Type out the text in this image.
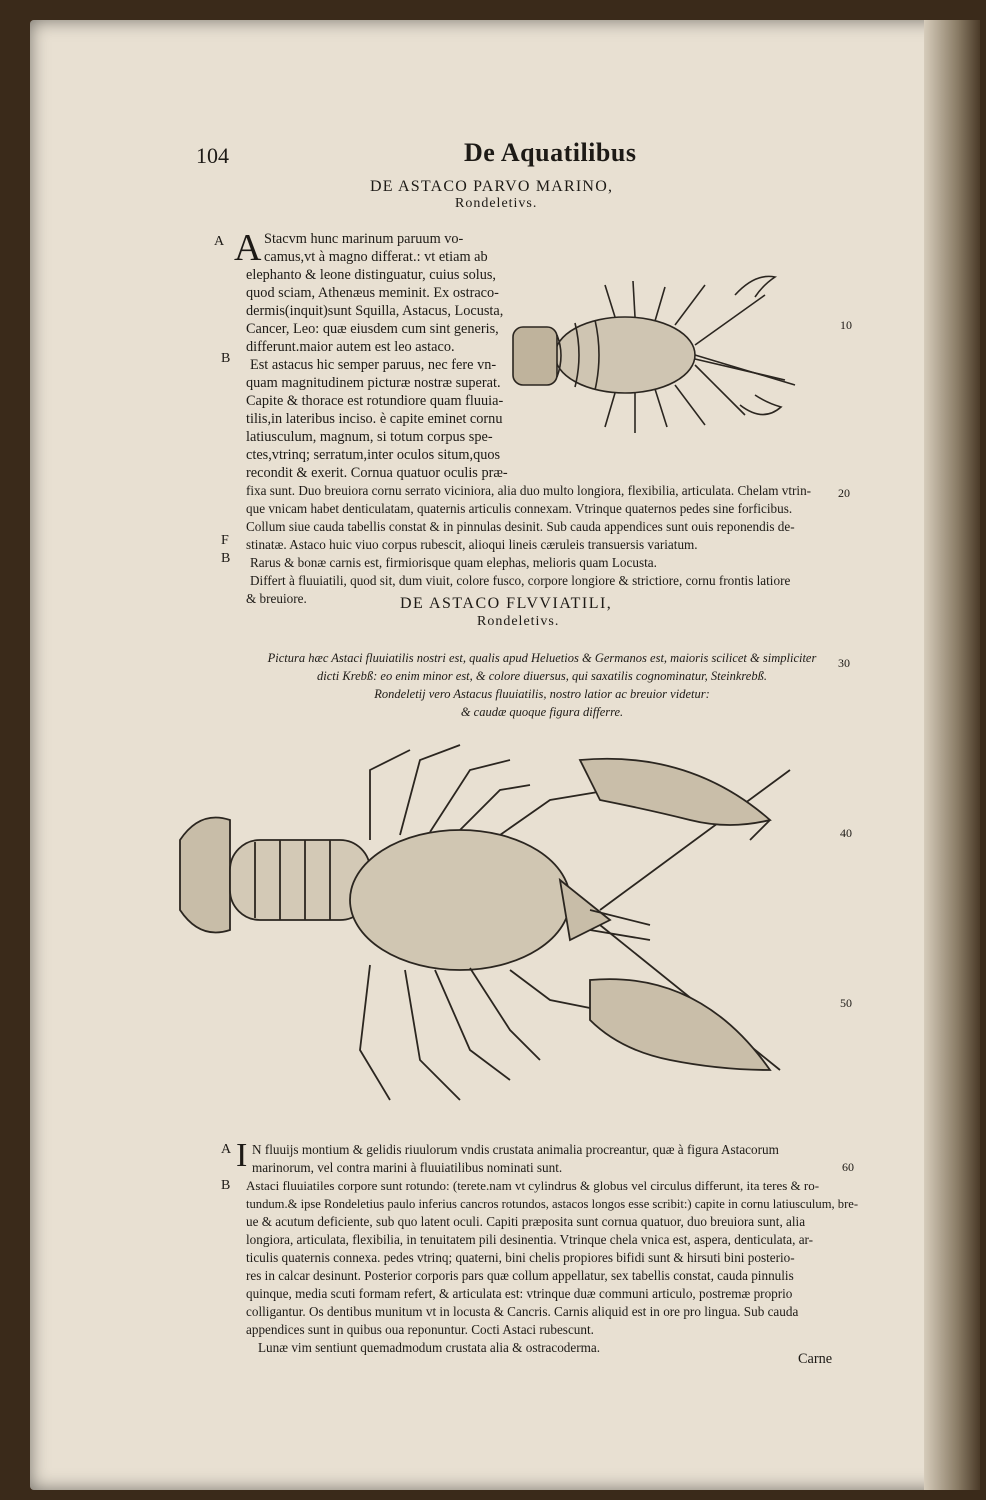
104	De Aquatilibus
DE ASTACO PARVO MARINO,
Rondeletivs.
A
B
F
B
A Stacvm hunc marinum paruum vo-
camus,vt à magno differat.: vt etiam ab
elephanto & leone distinguatur, cuius solus,
quod sciam, Athenæus meminit. Ex ostraco-
dermis(inquit)sunt Squilla, Astacus, Locusta,
Cancer, Leo: quæ eiusdem cum sint generis,
differunt.maior autem est leo astaco.
Est astacus hic semper paruus, nec fere vn-
quam magnitudinem picturæ nostræ superat.
Capite & thorace est rotundiore quam fluuia-
tilis,in lateribus inciso. è capite eminet cornu
latiusculum, magnum, si totum corpus spe-
ctes,vtrinq; serratum,inter oculos situm,quos
recondit & exerit. Cornua quatuor oculis præ-
fixa sunt. Duo breuiora cornu serrato viciniora, alia duo multo longiora, flexibilia, articulata. Chelam vtrin-
que vnicam habet denticulatam, quaternis articulis connexam. Vtrinque quaternos pedes sine forficibus.
Collum siue cauda tabellis constat & in pinnulas desinit. Sub cauda appendices sunt ouis reponendis de-
stinatæ. Astaco huic viuo corpus rubescit, alioqui lineis cæruleis transuersis variatum.
Rarus & bonæ carnis est, firmiorisque quam elephas, melioris quam Locusta.
Differt à fluuiatili, quod sit, dum viuit, colore fusco, corpore longiore & strictiore, cornu frontis latiore
& breuiore.
10
20
30
40
50
60
DE ASTACO FLVVIATILI,
Rondeletivs.
Pictura hæc Astaci fluuiatilis nostri est, qualis apud Heluetios & Germanos est, maioris scilicet & simpliciter
dicti Krebß: eo enim minor est, & colore diuersus, qui saxatilis cognominatur, Steinkrebß.
Rondeletij vero Astacus fluuiatilis, nostro latior ac breuior videtur:
& caudæ quoque figura differre.
A
B
I N fluuijs montium & gelidis riuulorum vndis crustata animalia procreantur, quæ à figura Astacorum
marinorum, vel contra marini à fluuiatilibus nominati sunt.
Astaci fluuiatiles corpore sunt rotundo: (terete.nam vt cylindrus & globus vel circulus differunt, ita teres & ro-
tundum.& ipse Rondeletius paulo inferius cancros rotundos, astacos longos esse scribit:) capite in cornu latiusculum, bre-
ue & acutum deficiente, sub quo latent oculi. Capiti præposita sunt cornua quatuor, duo breuiora sunt, alia
longiora, articulata, flexibilia, in tenuitatem pili desinentia. Vtrinque chela vnica est, aspera, denticulata, ar-
ticulis quaternis connexa. pedes vtrinq; quaterni, bini chelis propiores bifidi sunt & hirsuti bini posterio-
res in calcar desinunt. Posterior corporis pars quæ collum appellatur, sex tabellis constat, cauda pinnulis
quinque, media scuti formam refert, & articulata est: vtrinque duæ communi articulo, postremæ proprio
colligantur. Os dentibus munitum vt in locusta & Cancris. Carnis aliquid est in ore pro lingua. Sub cauda
appendices sunt in quibus oua reponuntur. Cocti Astaci rubescunt.
Lunæ vim sentiunt quemadmodum crustata alia & ostracoderma.
Carne
